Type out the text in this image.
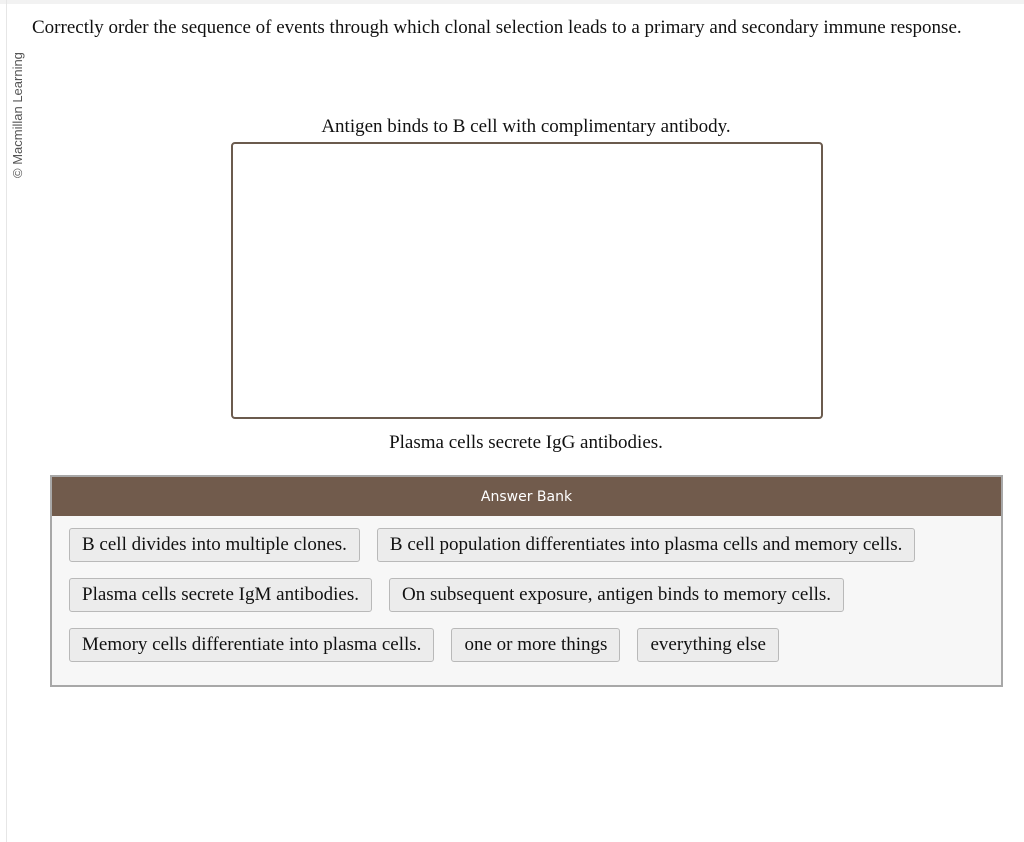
© Macmillan Learning
Correctly order the sequence of events through which clonal selection leads to a primary and secondary immune response.
Antigen binds to B cell with complimentary antibody.
Plasma cells secrete IgG antibodies.
Answer Bank
B cell divides into multiple clones.	B cell population differentiates into plasma cells and memory cells.
Plasma cells secrete IgM antibodies.	On subsequent exposure, antigen binds to memory cells.
Memory cells differentiate into plasma cells.	one or more things	everything else
